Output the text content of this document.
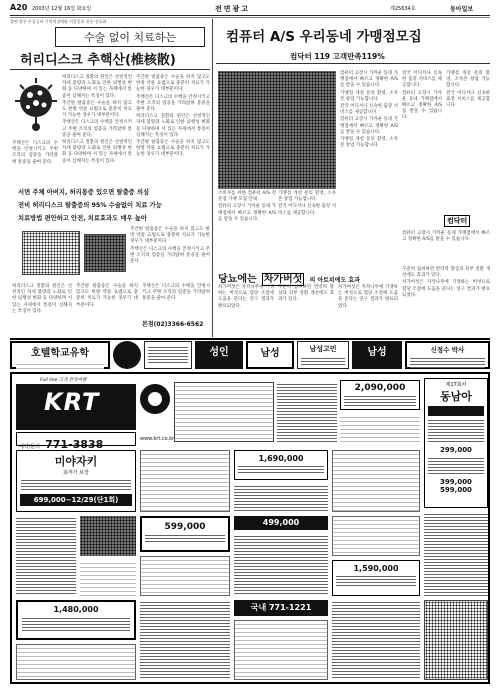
A20 2003년 12월 16일 화요일	전면광고	제25634호	동아일보
불면·불안·우울증과 기억력장애와 이혼일보 한문·진료화
수술 없이 치료하는
허리디스크 추핵산(椎核散)

허리디스크 질환의 원인은 선천적인 자세 불량과 노화로 인한 퇴행성 변화 등 다양하며 서 있는 자세에서 통증이 심해지는 특징이 있다.

추간판 탈출증은 수술을 하지 않고도 한방 약물 요법으로 충분히 치료가 가능한 경우가 대부분이다.

추핵산은 디스크의 수핵을 안정시키고 주변 조직의 염증을 가라앉혀 통증을 줄여 준다.

허리디스크 질환의 원인은 선천적인 자세 불량과 노화로 인한 퇴행성 변화 등 다양하며 서 있는 자세에서 통증이 심해지는 특징이 있다.

추간판 탈출증은 수술을 하지 않고도 한방 약물 요법으로 충분히 치료가 가능한 경우가 대부분이다.

추핵산은 디스크의 수핵을 안정시키고 주변 조직의 염증을 가라앉혀 통증을 줄여 준다.

허리디스크 질환의 원인은 선천적인 자세 불량과 노화로 인한 퇴행성 변화 등 다양하며 서 있는 자세에서 통증이 심해지는 특징이 있다.

추간판 탈출증은 수술을 하지 않고도 한방 약물 요법으로 충분히 치료가 가능한 경우가 대부분이다.

추핵산은 디스크의 수핵을 안정시키고 주변 조직의 염증을 가라앉혀 통증을 줄여 준다.

서면 주체 아버지, 허리통증 있으면 탈출증 의심
전비 허리디스크 탈출증의 95% 수술없이 치료 가능
치료방법 편안하고 안전, 치료효과도 매우 높아

추간판 탈출증은 수술을 하지 않고도 한방 약물 요법으로 충분히 치료가 가능한 경우가 대부분이다.

추핵산은 디스크의 수핵을 안정시키고 주변 조직의 염증을 가라앉혀 통증을 줄여 준다.

허리디스크 질환의 원인은 선천적인 자세 불량과 노화로 인한 퇴행성 변화 등 다양하며 서 있는 자세에서 통증이 심해지는 특징이 있다.

추간판 탈출증은 수술을 하지 않고도 한방 약물 요법으로 충분히 치료가 가능한 경우가 대부분이다.

추핵산은 디스크의 수핵을 안정시키고 주변 조직의 염증을 가라앉혀 통증을 줄여 준다.

본점(02)3366-6562
컴퓨터 A/S 우리동네 가맹점모집
컴닥터 119 고객만족119%

소비자를 위한 컴퓨터 A/S 전문점 가맹 모집 안내

컴퓨터 고장시 가까운 동네 가맹점에서 빠르고 정확한 A/S를 받을 수 있습니다.

가맹점 개설 문의 환영, 소자본 창업 가능합니다.

전국 어디서나 신속한 출장 서비스를 제공합니다.

컴퓨터 고장시 가까운 동네 가맹점에서 빠르고 정확한 A/S를 받을 수 있습니다.

가맹점 개설 문의 환영, 소자본 창업 가능합니다.

전국 어디서나 신속한 출장 서비스를 제공합니다.

컴퓨터 고장시 가까운 동네 가맹점에서 빠르고 정확한 A/S를 받을 수 있습니다.

가맹점 개설 문의 환영, 소자본 창업 가능합니다.

전국 어디서나 신속한 출장 서비스를 제공합니다.

컴퓨터 고장시 가까운 동네 가맹점에서 빠르고 정확한 A/S를 받을 수 있습니다.

가맹점 개설 문의 환영, 소자본 창업 가능합니다.

전국 어디서나 신속한 출장 서비스를 제공합니다.

컴닥터

컴퓨터 고장시 가까운 동네 가맹점에서 빠르고 정확한 A/S를 받을 수 있습니다.

당뇨에는 차가버섯 의 아토피에도 효과

차가버섯은 자작나무에 기생하는 버섯으로 혈당 조절에 도움을 준다는 연구 결과가 발표되었다.

꾸준히 섭취하면 면역력 향상과 피부 질환 개선에도 효과가 있다.

차가버섯은 자작나무에 기생하는 버섯으로 혈당 조절에 도움을 준다는 연구 결과가 발표되었다.

꾸준히 섭취하면 면역력 향상과 피부 질환 개선에도 효과가 있다.

차가버섯은 자작나무에 기생하는 버섯으로 혈당 조절에 도움을 준다는 연구 결과가 발표되었다.

호텔학교유학	성인	남성	남성고민	남성	신정수 박사
Full line 고객 만족여행
KRT
예약/문의 771-3838	www.krt.co.kr
2,090,000	제17회차
동남아
299,000
399,000
599,000
미야자키
최저가 보장
699,000~12/29(단1회)
1,690,000
599,000	499,000
1,590,000
1,480,000	국내 771-1221
